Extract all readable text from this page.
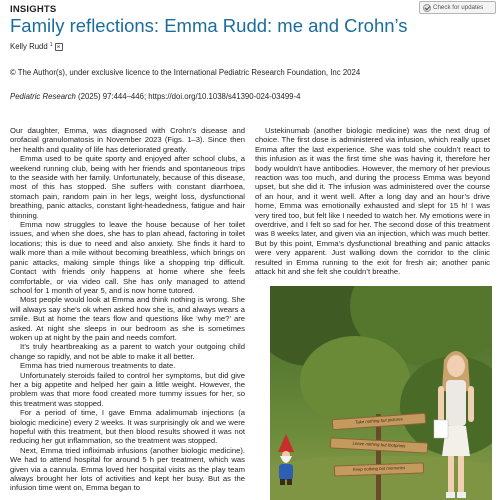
INSIGHTS	Check for updates
Family reflections: Emma Rudd: me and Crohn’s
Kelly Rudd 1	✉
© The Author(s), under exclusive licence to the International Pediatric Research Foundation, Inc 2024
Pediatric Research (2025) 97:444–446; https://doi.org/10.1038/s41390-024-03499-4

Our daughter, Emma, was diagnosed with Crohn’s disease and orofacial granulomatosis in November 2023 (Figs. 1–3). Since then her health and quality of life has deteriorated greatly.

Emma used to be quite sporty and enjoyed after school clubs, a weekend running club, being with her friends and spontaneous trips to the seaside with her family. Unfortunately, because of this disease, most of this has stopped. She suffers with constant diarrhoea, stomach pain, random pain in her legs, weight loss, dysfunctional breathing, panic attacks, constant light-headedness, fatigue and hair thinning.

Emma now struggles to leave the house because of her toilet issues, and when she does, she has to plan ahead, factoring in toilet locations; this is due to need and also anxiety. She finds it hard to walk more than a mile without becoming breathless, which brings on panic attacks, making simple things like a shopping trip difficult. Contact with friends only happens at home where she feels comfortable, or via video call. She has only managed to attend school for 1 month of year 5, and is now home tutored.

Most people would look at Emma and think nothing is wrong. She will always say she’s ok when asked how she is, and always wears a smile. But at home the tears flow and questions like ‘why me?’ are asked. At night she sleeps in our bedroom as she is sometimes woken up at night by the pain and needs comfort.

It’s truly heartbreaking as a parent to watch your outgoing child change so rapidly, and not be able to make it all better.

Emma has tried numerous treatments to date.

Unfortunately steroids failed to control her symptoms, but did give her a big appetite and helped her gain a little weight. However, the problem was that more food created more tummy issues for her, so this treatment was stopped.

For a period of time, I gave Emma adalimumab injections (a biologic medicine) every 2 weeks. It was surprisingly ok and we were hopeful with this treatment, but then blood results showed it was not reducing her gut inflammation, so the treatment was stopped.

Next, Emma tried infliximab infusions (another biologic medicine). We had to attend hospital for around 5 h per treatment, which was given via a cannula. Emma loved her hospital visits as the play team always brought her lots of activities and kept her busy. But as the infusion time went on, Emma began to

Ustekinumab (another biologic medicine) was the next drug of choice. The first dose is administered via infusion, which really upset Emma after the last experience. She was told she couldn’t react to this infusion as it was the first time she was having it, therefore her body wouldn’t have antibodies. However, the memory of her previous reaction was too much, and during the process Emma was beyond upset, but she did it. The infusion was administered over the course of an hour, and it went well. After a long day and an hour’s drive home, Emma was emotionally exhausted and slept for 15 h! I was very tired too, but felt like I needed to watch her. My emotions were in overdrive, and I felt so sad for her. The second dose of this treatment was 8 weeks later, and given via an injection, which was much better. But by this point, Emma’s dysfunctional breathing and panic attacks were very apparent. Just walking down the corridor to the clinic resulted in Emma running to the exit for fresh air; another panic attack hit and she felt she couldn’t breathe.

Take nothing but pictures
Leave nothing but footprints
Keep nothing but memories
